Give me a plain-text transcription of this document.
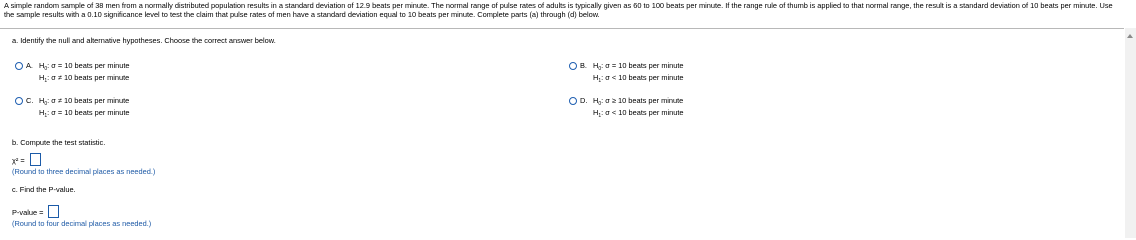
A simple random sample of 38 men from a normally distributed population results in a standard deviation of 12.9 beats per minute. The normal range of pulse rates of adults is typically given as 60 to 100 beats per minute. If the range rule of thumb is applied to that normal range, the result is a standard deviation of 10 beats per minute. Use the sample results with a 0.10 significance level to test the claim that pulse rates of men have a standard deviation equal to 10 beats per minute. Complete parts (a) through (d) below.
a. Identify the null and alternative hypotheses. Choose the correct answer below.
A. $H_0$: σ = 10 beats per minute
$H_1$: σ ≠ 10 beats per minute
B. $H_0$: σ = 10 beats per minute
$H_1$: σ < 10 beats per minute
C. $H_0$: σ ≠ 10 beats per minute
$H_1$: σ = 10 beats per minute
D. $H_0$: σ ≥ 10 beats per minute
$H_1$: σ < 10 beats per minute
b. Compute the test statistic.
χ² =
(Round to three decimal places as needed.)
c. Find the P-value.
P-value =
(Round to four decimal places as needed.)
